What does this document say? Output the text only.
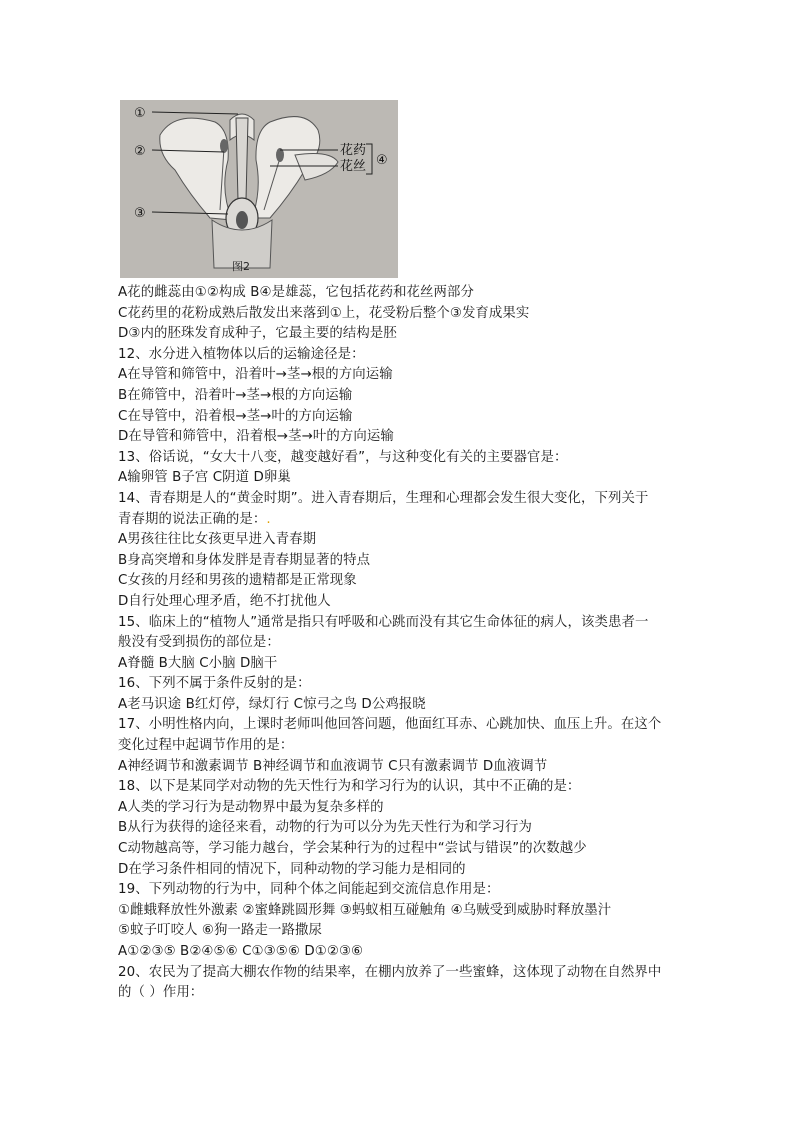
①
②
③
花药
花丝 ④
图2
A花的雌蕊由①②构成 B④是雄蕊，它包括花药和花丝两部分
C花药里的花粉成熟后散发出来落到①上，花受粉后整个③发育成果实
D③内的胚珠发育成种子，它最主要的结构是胚
12、水分进入植物体以后的运输途径是：
A在导管和筛管中，沿着叶→茎→根的方向运输
B在筛管中，沿着叶→茎→根的方向运输
C在导管中，沿着根→茎→叶的方向运输
D在导管和筛管中，沿着根→茎→叶的方向运输
13、俗话说，“女大十八变，越变越好看”，与这种变化有关的主要器官是：
A输卵管 B子宫 C阴道 D卵巢
14、青春期是人的“黄金时期”。进入青春期后，生理和心理都会发生很大变化，下列关于
青春期的说法正确的是：.
A男孩往往比女孩更早进入青春期
B身高突增和身体发胖是青春期显著的特点
C女孩的月经和男孩的遗精都是正常现象
D自行处理心理矛盾，绝不打扰他人
15、临床上的“植物人”通常是指只有呼吸和心跳而没有其它生命体征的病人，该类患者一
般没有受到损伤的部位是：
A脊髓 B大脑 C小脑 D脑干
16、下列不属于条件反射的是：
A老马识途 B红灯停，绿灯行 C惊弓之鸟 D公鸡报晓
17、小明性格内向，上课时老师叫他回答问题，他面红耳赤、心跳加快、血压上升。在这个
变化过程中起调节作用的是：
A神经调节和激素调节 B神经调节和血液调节 C只有激素调节 D血液调节
18、以下是某同学对动物的先天性行为和学习行为的认识，其中不正确的是：
A人类的学习行为是动物界中最为复杂多样的
B从行为获得的途径来看，动物的行为可以分为先天性行为和学习行为
C动物越高等，学习能力越台，学会某种行为的过程中“尝试与错误”的次数越少
D在学习条件相同的情况下，同种动物的学习能力是相同的
19、下列动物的行为中，同种个体之间能起到交流信息作用是：
①雌蛾释放性外激素 ②蜜蜂跳圆形舞 ③蚂蚁相互碰触角 ④乌贼受到威胁时释放墨汁
⑤蚊子叮咬人 ⑥狗一路走一路撒尿
A①②③⑤ B②④⑤⑥ C①③⑤⑥ D①②③⑥
20、农民为了提高大棚农作物的结果率，在棚内放养了一些蜜蜂，这体现了动物在自然界中
的（ ）作用：
